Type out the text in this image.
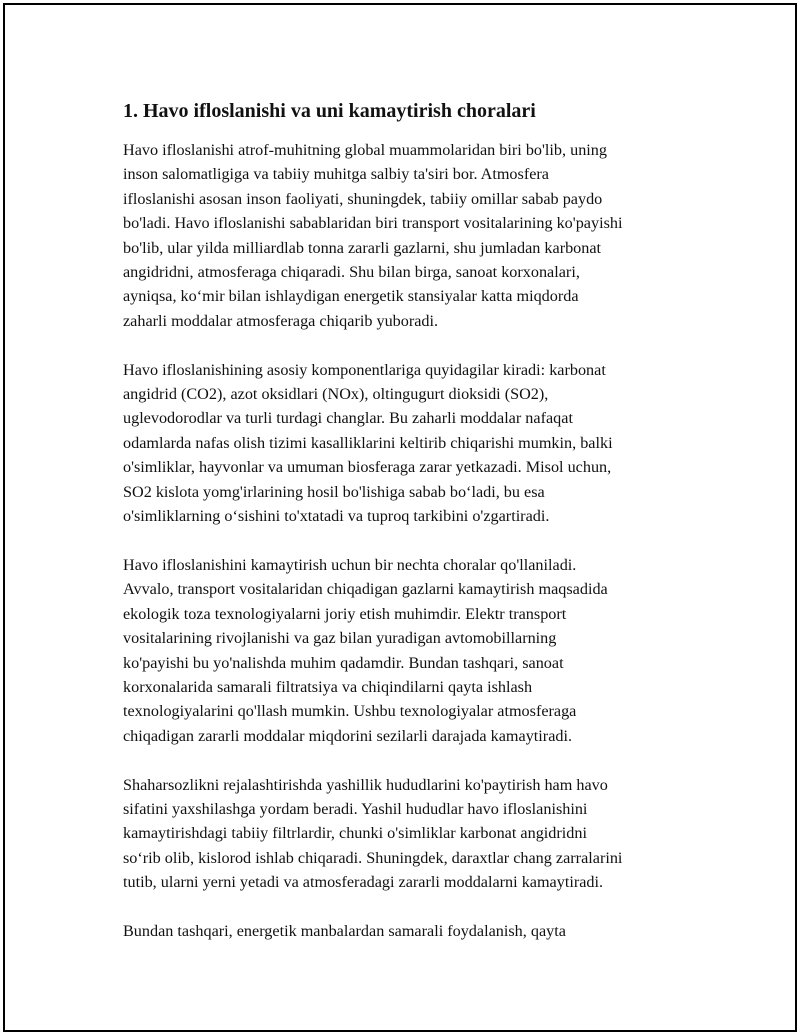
1. Havo ifloslanishi va uni kamaytirish choralari
Havo ifloslanishi atrof-muhitning global muammolaridan biri bo'lib, uning
inson salomatligiga va tabiiy muhitga salbiy ta'siri bor. Atmosfera
ifloslanishi asosan inson faoliyati, shuningdek, tabiiy omillar sabab paydo
bo'ladi. Havo ifloslanishi sabablaridan biri transport vositalarining ko'payishi
bo'lib, ular yilda milliardlab tonna zararli gazlarni, shu jumladan karbonat
angidridni, atmosferaga chiqaradi. Shu bilan birga, sanoat korxonalari,
ayniqsa, ko‘mir bilan ishlaydigan energetik stansiyalar katta miqdorda
zaharli moddalar atmosferaga chiqarib yuboradi.
Havo ifloslanishining asosiy komponentlariga quyidagilar kiradi: karbonat
angidrid (CO2), azot oksidlari (NOx), oltingugurt dioksidi (SO2),
uglevodorodlar va turli turdagi changlar. Bu zaharli moddalar nafaqat
odamlarda nafas olish tizimi kasalliklarini keltirib chiqarishi mumkin, balki
o'simliklar, hayvonlar va umuman biosferaga zarar yetkazadi. Misol uchun,
SO2 kislota yomg'irlarining hosil bo'lishiga sabab bo‘ladi, bu esa
o'simliklarning o‘sishini to'xtatadi va tuproq tarkibini o'zgartiradi.
Havo ifloslanishini kamaytirish uchun bir nechta choralar qo'llaniladi.
Avvalo, transport vositalaridan chiqadigan gazlarni kamaytirish maqsadida
ekologik toza texnologiyalarni joriy etish muhimdir. Elektr transport
vositalarining rivojlanishi va gaz bilan yuradigan avtomobillarning
ko'payishi bu yo'nalishda muhim qadamdir. Bundan tashqari, sanoat
korxonalarida samarali filtratsiya va chiqindilarni qayta ishlash
texnologiyalarini qo'llash mumkin. Ushbu texnologiyalar atmosferaga
chiqadigan zararli moddalar miqdorini sezilarli darajada kamaytiradi.
Shaharsozlikni rejalashtirishda yashillik hududlarini ko'paytirish ham havo
sifatini yaxshilashga yordam beradi. Yashil hududlar havo ifloslanishini
kamaytirishdagi tabiiy filtrlardir, chunki o'simliklar karbonat angidridni
so‘rib olib, kislorod ishlab chiqaradi. Shuningdek, daraxtlar chang zarralarini
tutib, ularni yerni yetadi va atmosferadagi zararli moddalarni kamaytiradi.
Bundan tashqari, energetik manbalardan samarali foydalanish, qayta
